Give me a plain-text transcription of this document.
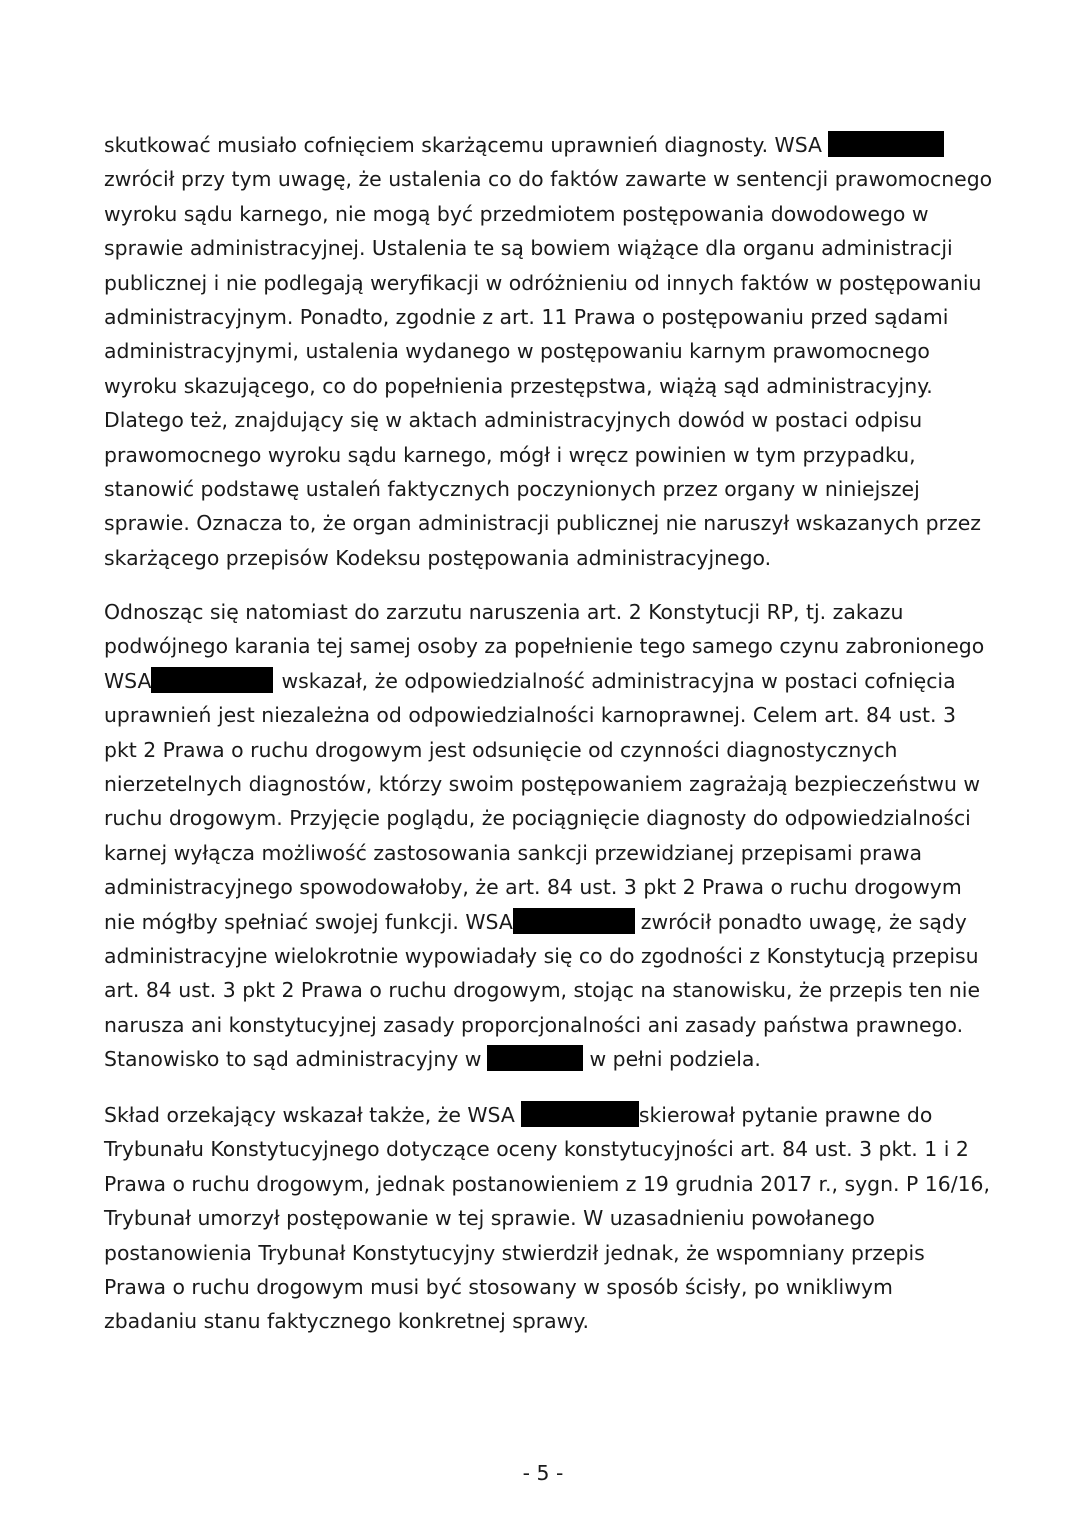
skutkować musiało cofnięciem skarżącemu uprawnień diagnosty. WSA
zwrócił przy tym uwagę, że ustalenia co do faktów zawarte w sentencji prawomocnego
wyroku sądu karnego, nie mogą być przedmiotem postępowania dowodowego w
sprawie administracyjnej. Ustalenia te są bowiem wiążące dla organu administracji
publicznej i nie podlegają weryfikacji w odróżnieniu od innych faktów w postępowaniu
administracyjnym. Ponadto, zgodnie z art. 11 Prawa o postępowaniu przed sądami
administracyjnymi, ustalenia wydanego w postępowaniu karnym prawomocnego
wyroku skazującego, co do popełnienia przestępstwa, wiążą sąd administracyjny.
Dlatego też, znajdujący się w aktach administracyjnych dowód w postaci odpisu
prawomocnego wyroku sądu karnego, mógł i wręcz powinien w tym przypadku,
stanowić podstawę ustaleń faktycznych poczynionych przez organy w niniejszej
sprawie. Oznacza to, że organ administracji publicznej nie naruszył wskazanych przez
skarżącego przepisów Kodeksu postępowania administracyjnego.
Odnosząc się natomiast do zarzutu naruszenia art. 2 Konstytucji RP, tj. zakazu
podwójnego karania tej samej osoby za popełnienie tego samego czynu zabronionego
WSA	wskazał, że odpowiedzialność administracyjna w postaci cofnięcia
uprawnień jest niezależna od odpowiedzialności karnoprawnej. Celem art. 84 ust. 3
pkt 2 Prawa o ruchu drogowym jest odsunięcie od czynności diagnostycznych
nierzetelnych diagnostów, którzy swoim postępowaniem zagrażają bezpieczeństwu w
ruchu drogowym. Przyjęcie poglądu, że pociągnięcie diagnosty do odpowiedzialności
karnej wyłącza możliwość zastosowania sankcji przewidzianej przepisami prawa
administracyjnego spowodowałoby, że art. 84 ust. 3 pkt 2 Prawa o ruchu drogowym
nie mógłby spełniać swojej funkcji. WSA	zwrócił ponadto uwagę, że sądy
administracyjne wielokrotnie wypowiadały się co do zgodności z Konstytucją przepisu
art. 84 ust. 3 pkt 2 Prawa o ruchu drogowym, stojąc na stanowisku, że przepis ten nie
narusza ani konstytucyjnej zasady proporcjonalności ani zasady państwa prawnego.
Stanowisko to sąd administracyjny w	w pełni podziela.
Skład orzekający wskazał także, że WSA	skierował pytanie prawne do
Trybunału Konstytucyjnego dotyczące oceny konstytucyjności art. 84 ust. 3 pkt. 1 i 2
Prawa o ruchu drogowym, jednak postanowieniem z 19 grudnia 2017 r., sygn. P 16/16,
Trybunał umorzył postępowanie w tej sprawie. W uzasadnieniu powołanego
postanowienia Trybunał Konstytucyjny stwierdził jednak, że wspomniany przepis
Prawa o ruchu drogowym musi być stosowany w sposób ścisły, po wnikliwym
zbadaniu stanu faktycznego konkretnej sprawy.
- 5 -
